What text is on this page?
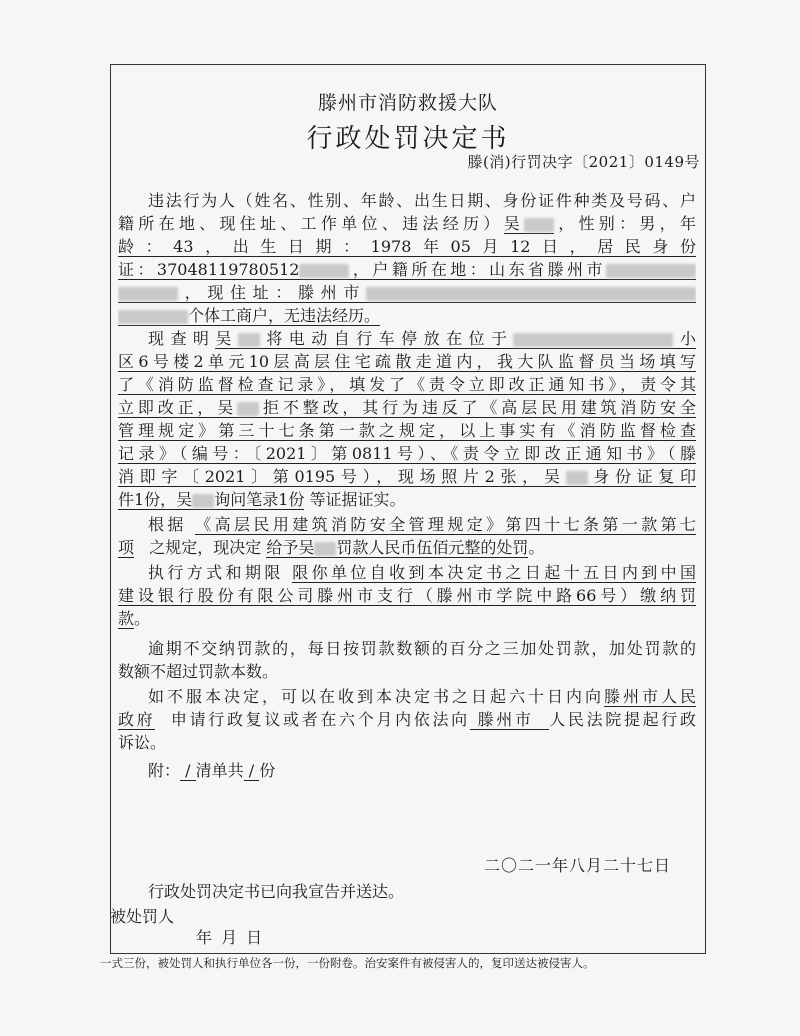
滕州市消防救援大队
行政处罚决定书
滕(消)行罚决字〔2021〕0149号
违法行为人（姓名、性别、年龄、出生日期、身份证件种类及号码、户
籍所在地、现住址、工作单位、违法经历）吴 ，性别：男，年
龄：43，出生日期：1978年05月12日，居民身份
证：37048119780512	，户籍所在地：山东省滕州市
，现住址：滕州市
个体工商户，无违法经历。
现查明吴 将电动自行车停放在位于	小
区6号楼2单元10层高层住宅疏散走道内，我大队监督员当场填写
了《消防监督检查记录》，填发了《责令立即改正通知书》，责令其
立即改正，吴 拒不整改，其行为违反了《高层民用建筑消防安全
管理规定》第三十七条第一款之规定，以上事实有《消防监督检查
记录》（编号：〔2021〕第0811号）、《责令立即改正通知书》（滕
消即字〔2021〕第0195号），现场照片2张，吴 身份证复印
件1份，吴 询问笔录1份 等证据证实。
根据 《高层民用建筑消防安全管理规定》第四十七条第一款第七
项 之规定，现决定 给予吴 罚款人民币伍佰元整的处罚。
执行方式和期限 限你单位自收到本决定书之日起十五日内到中国
建设银行股份有限公司滕州市支行（滕州市学院中路66号）缴纳罚
款。
逾期不交纳罚款的，每日按罚款数额的百分之三加处罚款，加处罚款的
数额不超过罚款本数。
如不服本决定，可以在收到本决定书之日起六十日内向滕州市人民
政府 申请行政复议或者在六个月内依法向 滕州市 人民法院提起行政
诉讼。
附： / 清单共 / 份
二〇二一年八月二十七日
行政处罚决定书已向我宣告并送达。
被处罚人
年 月 日
一式三份，被处罚人和执行单位各一份，一份附卷。治安案件有被侵害人的，复印送达被侵害人。
